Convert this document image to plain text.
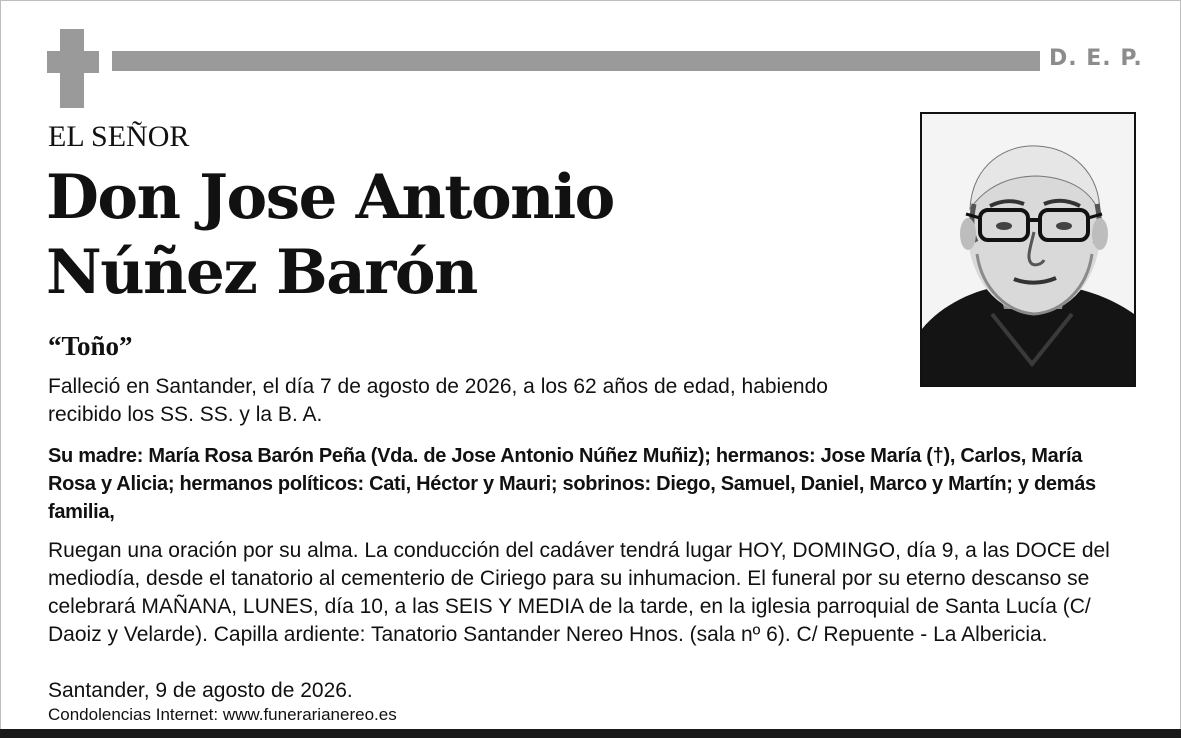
D. E. P.
EL SEÑOR
Don Jose Antonio
Núñez Barón
“Toño”
Falleció en Santander, el día 7 de agosto de 2026, a los 62 años de edad, habiendo recibido los SS. SS. y la B. A.
Su madre: María Rosa Barón Peña (Vda. de Jose Antonio Núñez Muñiz); hermanos: Jose María (†), Carlos, María Rosa y Alicia; hermanos políticos: Cati, Héctor y Mauri; sobrinos: Diego, Samuel, Daniel, Marco y Martín; y demás familia,
Ruegan una oración por su alma. La conducción del cadáver tendrá lugar HOY, DOMINGO, día 9, a las DOCE del mediodía, desde el tanatorio al cementerio de Ciriego para su inhumacion. El funeral por su eterno descanso se celebrará MAÑANA, LUNES, día 10, a las SEIS Y MEDIA de la tarde, en la iglesia parroquial de Santa Lucía (C/ Daoiz y Velarde). Capilla ardiente: Tanatorio Santander Nereo Hnos. (sala nº 6). C/ Repuente - La Albericia.
Santander, 9 de agosto de 2026.
Condolencias Internet: www.funerarianereo.es
